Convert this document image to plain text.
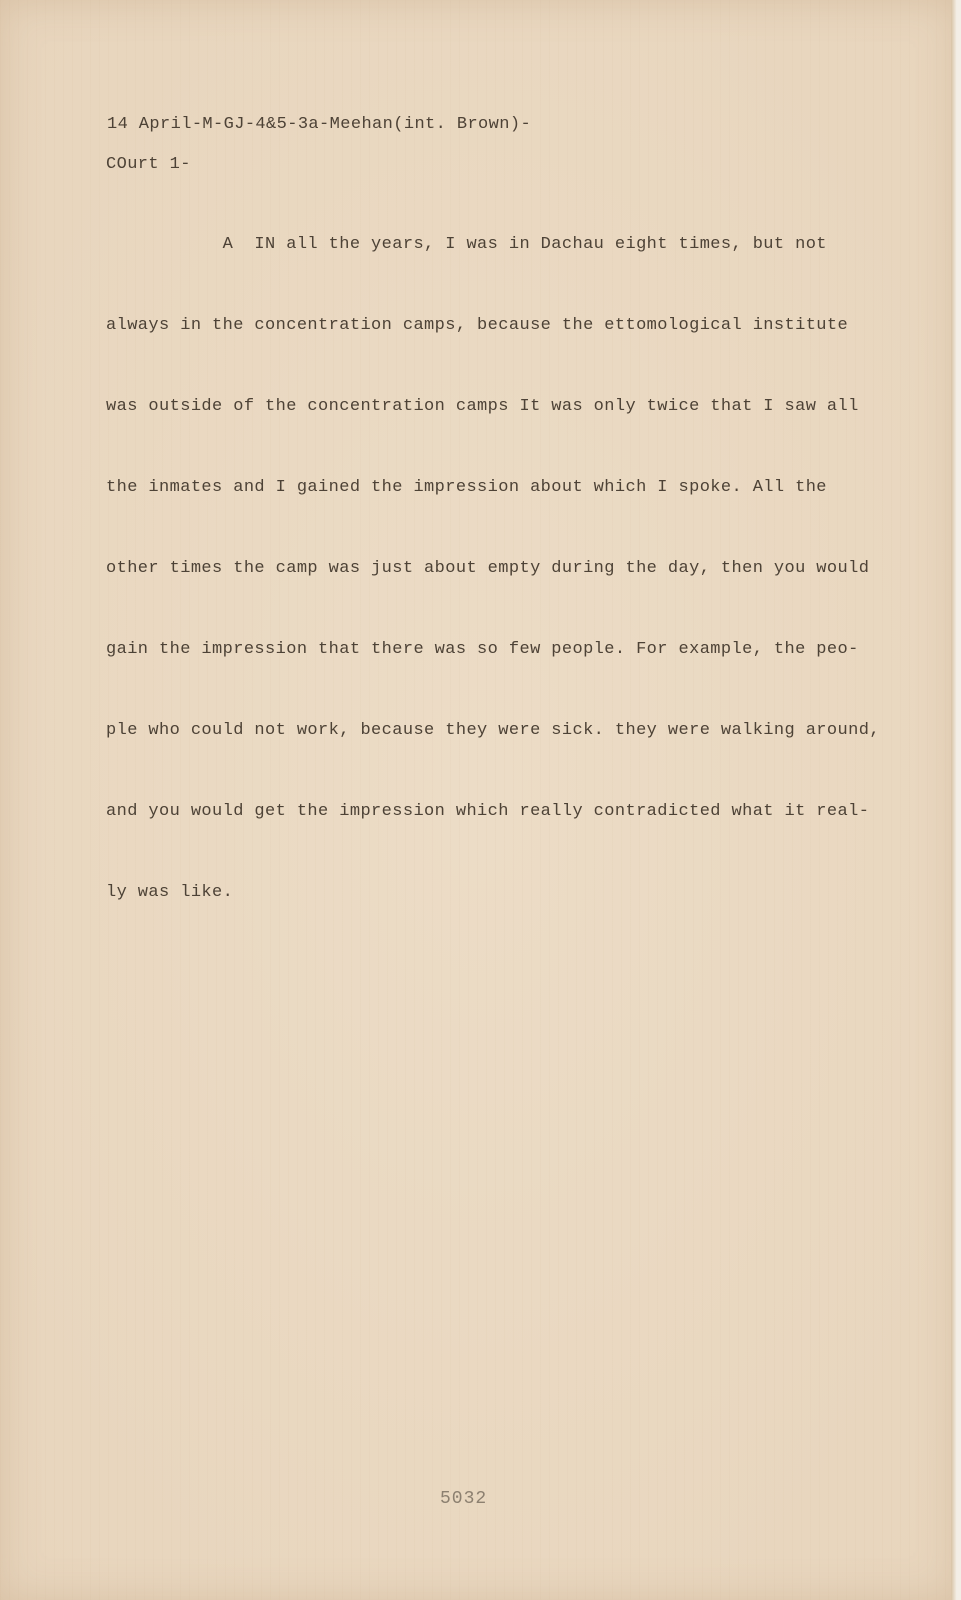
14 April-M-GJ-4&5-3a-Meehan(int. Brown)-
COurt 1-

A  IN all the years, I was in Dachau eight times, but not

always in the concentration camps, because the ettomological institute

was outside of the concentration camps It was only twice that I saw all

the inmates and I gained the impression about which I spoke. All the

other times the camp was just about empty during the day, then you would

gain the impression that there was so few people. For example, the peo-

ple who could not work, because they were sick. they were walking around,

and you would get the impression which really contradicted what it real-

ly was like.

5032
